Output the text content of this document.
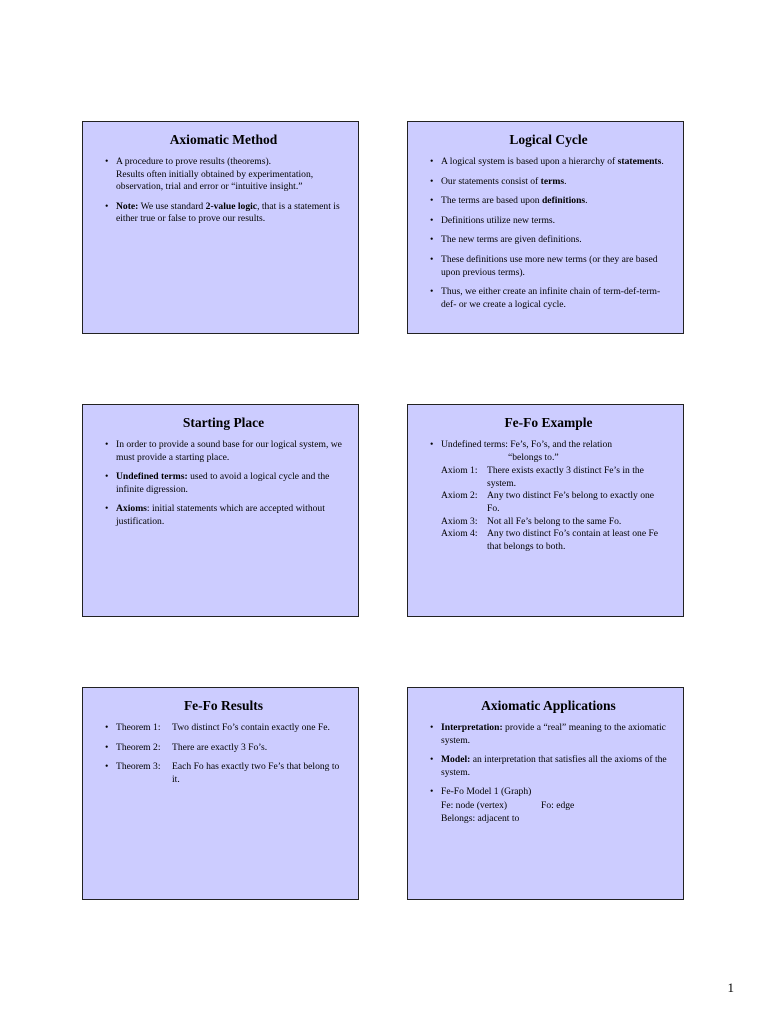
Axiomatic Method
• A procedure to prove results (theorems).
Results often initially obtained by experimentation, observation, trial and error or “intuitive insight.”
• Note: We use standard 2-value logic, that is a statement is either true or false to prove our results.
Logical Cycle
• A logical system is based upon a hierarchy of statements.
• Our statements consist of terms.
• The terms are based upon definitions.
• Definitions utilize new terms.
• The new terms are given definitions.
• These definitions use more new terms (or they are based upon previous terms).
• Thus, we either create an infinite chain of term-def-term-def- or we create a logical cycle.
Starting Place
• In order to provide a sound base for our logical system, we must provide a starting place.
• Undefined terms: used to avoid a logical cycle and the infinite digression.
• Axioms: initial statements which are accepted without justification.
Fe-Fo Example
• Undefined terms: Fe’s, Fo’s, and the relation
“belongs to.”
Axiom 1: There exists exactly 3 distinct Fe’s in the system.
Axiom 2: Any two distinct Fe’s belong to exactly one Fo.
Axiom 3: Not all Fe’s belong to the same Fo.
Axiom 4: Any two distinct Fo’s contain at least one Fe that belongs to both.
Fe-Fo Results
• Theorem 1:	Two distinct Fo’s contain exactly one Fe.
• Theorem 2:	There are exactly 3 Fo’s.
• Theorem 3:	Each Fo has exactly two Fe’s that belong to it.
Axiomatic Applications
• Interpretation: provide a “real” meaning to the axiomatic system.
• Model: an interpretation that satisfies all the axioms of the system.
• Fe-Fo Model 1 (Graph)
Fe: node (vertex)	Fo: edge
Belongs: adjacent to
1
